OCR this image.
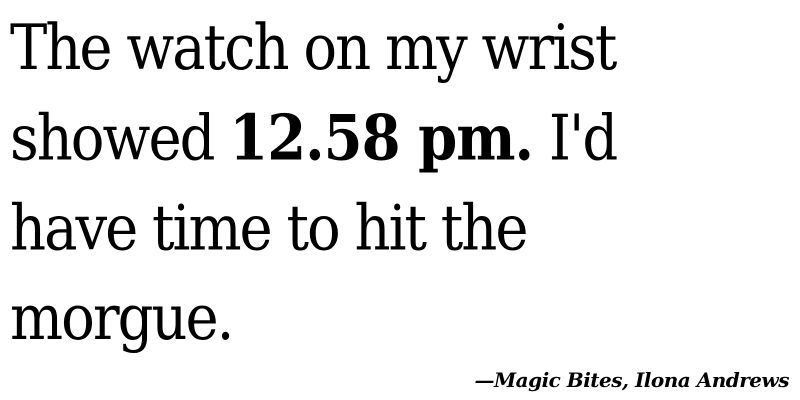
The watch on my wrist
showed 12.58 pm. I'd
have time to hit the
morgue.

—Magic Bites, Ilona Andrews
